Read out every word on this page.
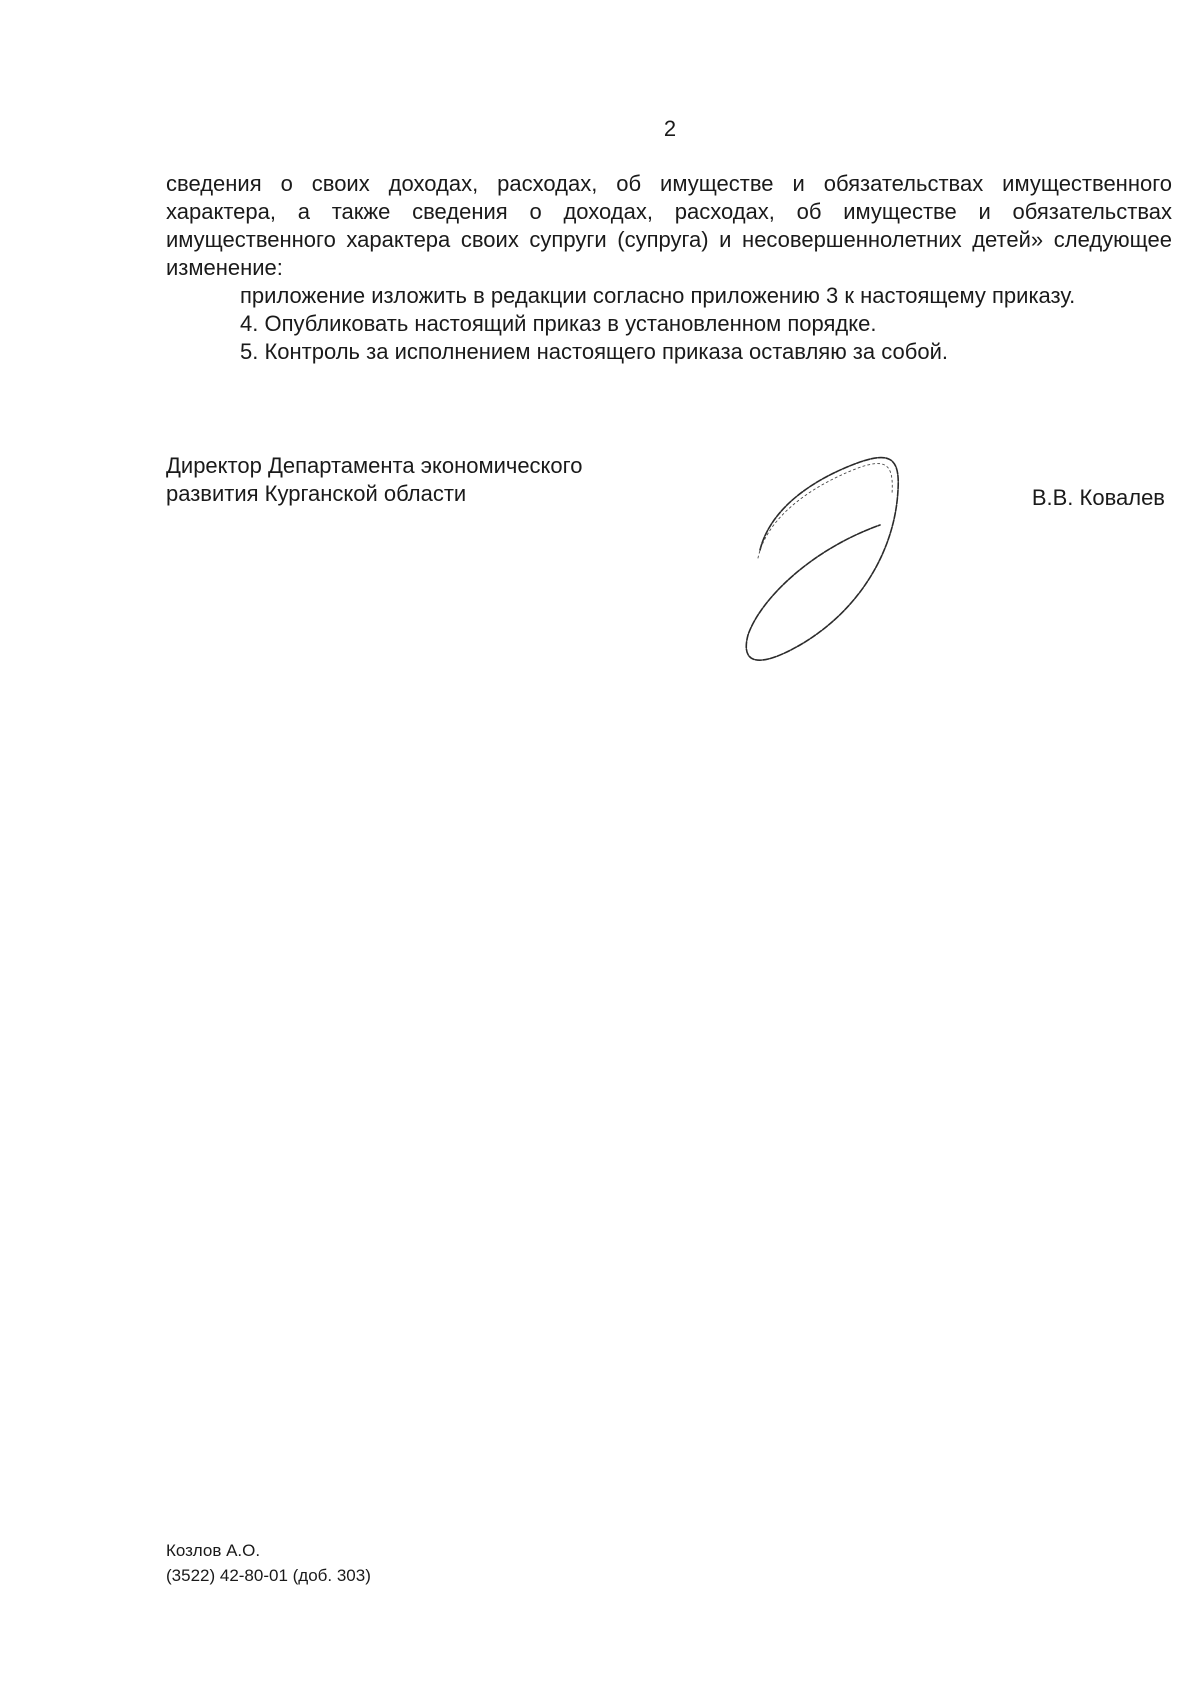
2

сведения о своих доходах, расходах, об имуществе и обязательствах имущественного характера, а также сведения о доходах, расходах, об имуществе и обязательствах имущественного характера своих супруги (супруга) и несовершеннолетних детей» следующее изменение:

приложение изложить в редакции согласно приложению 3 к настоящему приказу.

4. Опубликовать настоящий приказ в установленном порядке.

5. Контроль за исполнением настоящего приказа оставляю за собой.

Директор Департамента экономического
развития Курганской области	В.В. Ковалев
Козлов А.О.
(3522) 42-80-01 (доб. 303)
